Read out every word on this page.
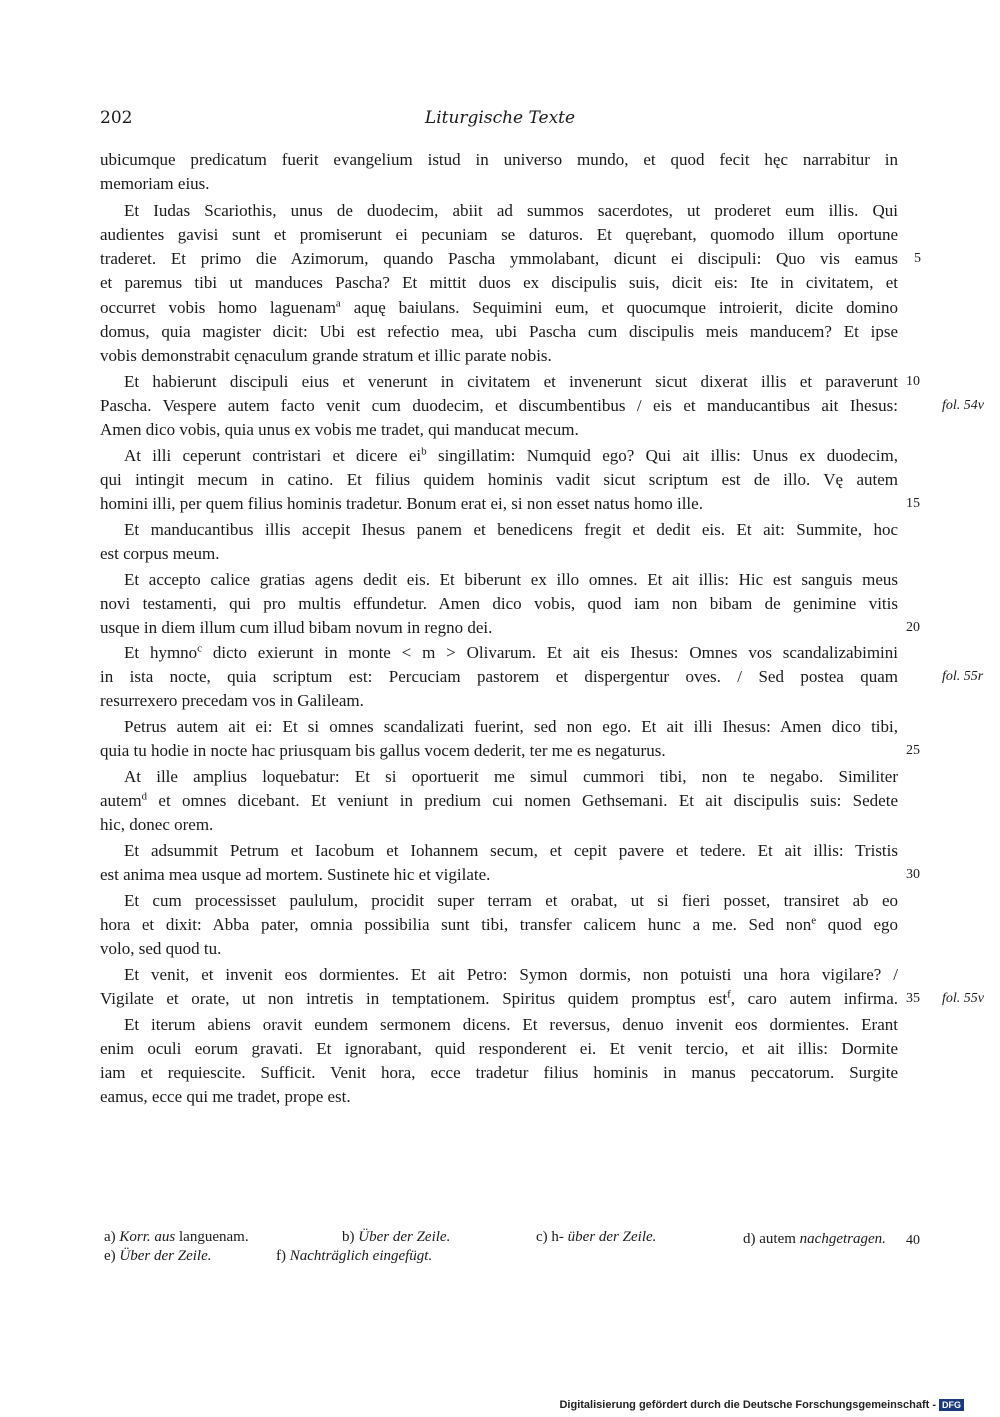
202	Liturgische Texte
ubicumque predicatum fuerit evangelium istud in universo mundo, et quod fecit hęc narrabitur in
memoriam eius.
Et Iudas Scariothis, unus de duodecim, abiit ad summos sacerdotes, ut proderet eum illis. Qui
audientes gavisi sunt et promiserunt ei pecuniam se daturos. Et quęrebant, quomodo illum oportune
traderet. Et primo die Azimorum, quando Pascha ymmolabant, dicunt ei discipuli: Quo vis eamus
et paremus tibi ut manduces Pascha? Et mittit duos ex discipulis suis, dicit eis: Ite in civitatem, et
occurret vobis homo laguenam$^a$ aquę baiulans. Sequimini eum, et quocumque introierit, dicite domino
domus, quia magister dicit: Ubi est refectio mea, ubi Pascha cum discipulis meis manducem? Et ipse
vobis demonstrabit cęnaculum grande stratum et illic parate nobis.
Et habierunt discipuli eius et venerunt in civitatem et invenerunt sicut dixerat illis et paraverunt
Pascha. Vespere autem facto venit cum duodecim, et discumbentibus / eis et manducantibus ait Ihesus:
Amen dico vobis, quia unus ex vobis me tradet, qui manducat mecum.
At illi ceperunt contristari et dicere $ei^b$ singillatim: Numquid ego? Qui ait illis: Unus ex duodecim,
qui intingit mecum in catino. Et filius quidem hominis vadit sicut scriptum est de illo. Vę autem
homini illi, per quem filius hominis tradetur. Bonum erat ei, si non esset natus homo ille.
Et manducantibus illis accepit Ihesus panem et benedicens fregit et dedit eis. Et ait: Summite, hoc
est corpus meum.
Et accepto calice gratias agens dedit eis. Et biberunt ex illo omnes. Et ait illis: Hic est sanguis meus
novi testamenti, qui pro multis effundetur. Amen dico vobis, quod iam non bibam de genimine vitis
usque in diem illum cum illud bibam novum in regno dei.
Et hymno$^c$ dicto exierunt in monte < m > Olivarum. Et ait eis Ihesus: Omnes vos scandalizabimini
in ista nocte, quia scriptum est: Percuciam pastorem et dispergentur oves. / Sed postea quam
resurrexero precedam vos in Galileam.
Petrus autem ait ei: Et si omnes scandalizati fuerint, sed non ego. Et ait illi Ihesus: Amen dico tibi,
quia tu hodie in nocte hac priusquam bis gallus vocem dederit, ter me es negaturus.
At ille amplius loquebatur: Et si oportuerit me simul cummori tibi, non te negabo. Similiter
autem$^d$ et omnes dicebant. Et veniunt in predium cui nomen Gethsemani. Et ait discipulis suis: Sedete
hic, donec orem.
Et adsummit Petrum et Iacobum et Iohannem secum, et cepit pavere et tedere. Et ait illis: Tristis
est anima mea usque ad mortem. Sustinete hic et vigilate.
Et cum processisset paululum, procidit super terram et orabat, ut si fieri posset, transiret ab eo
hora et dixit: Abba pater, omnia possibilia sunt tibi, transfer calicem hunc a me. Sed non$^e$ quod ego
volo, sed quod tu.
Et venit, et invenit eos dormientes. Et ait Petro: Symon dormis, non potuisti una hora vigilare? /
Vigilate et orate, ut non intretis in temptationem. Spiritus quidem promptus est$^f$, caro autem infirma.
Et iterum abiens oravit eundem sermonem dicens. Et reversus, denuo invenit eos dormientes. Erant
enim oculi eorum gravati. Et ignorabant, quid responderent ei. Et venit tercio, et ait illis: Dormite
iam et requiescite. Sufficit. Venit hora, ecce tradetur filius hominis in manus peccatorum. Surgite
eamus, ecce qui me tradet, prope est.
5
10
15
20
25
30
35
40
fol. 54v
fol. 55r
fol. 55v
a) Korr. aus languenam.	b) Über der Zeile.	c) h- über der Zeile.	d) autem nachgetragen.
e) Über der Zeile.	f) Nachträglich eingefügt.
Digitalisierung gefördert durch die Deutsche Forschungsgemeinschaft - DFG
